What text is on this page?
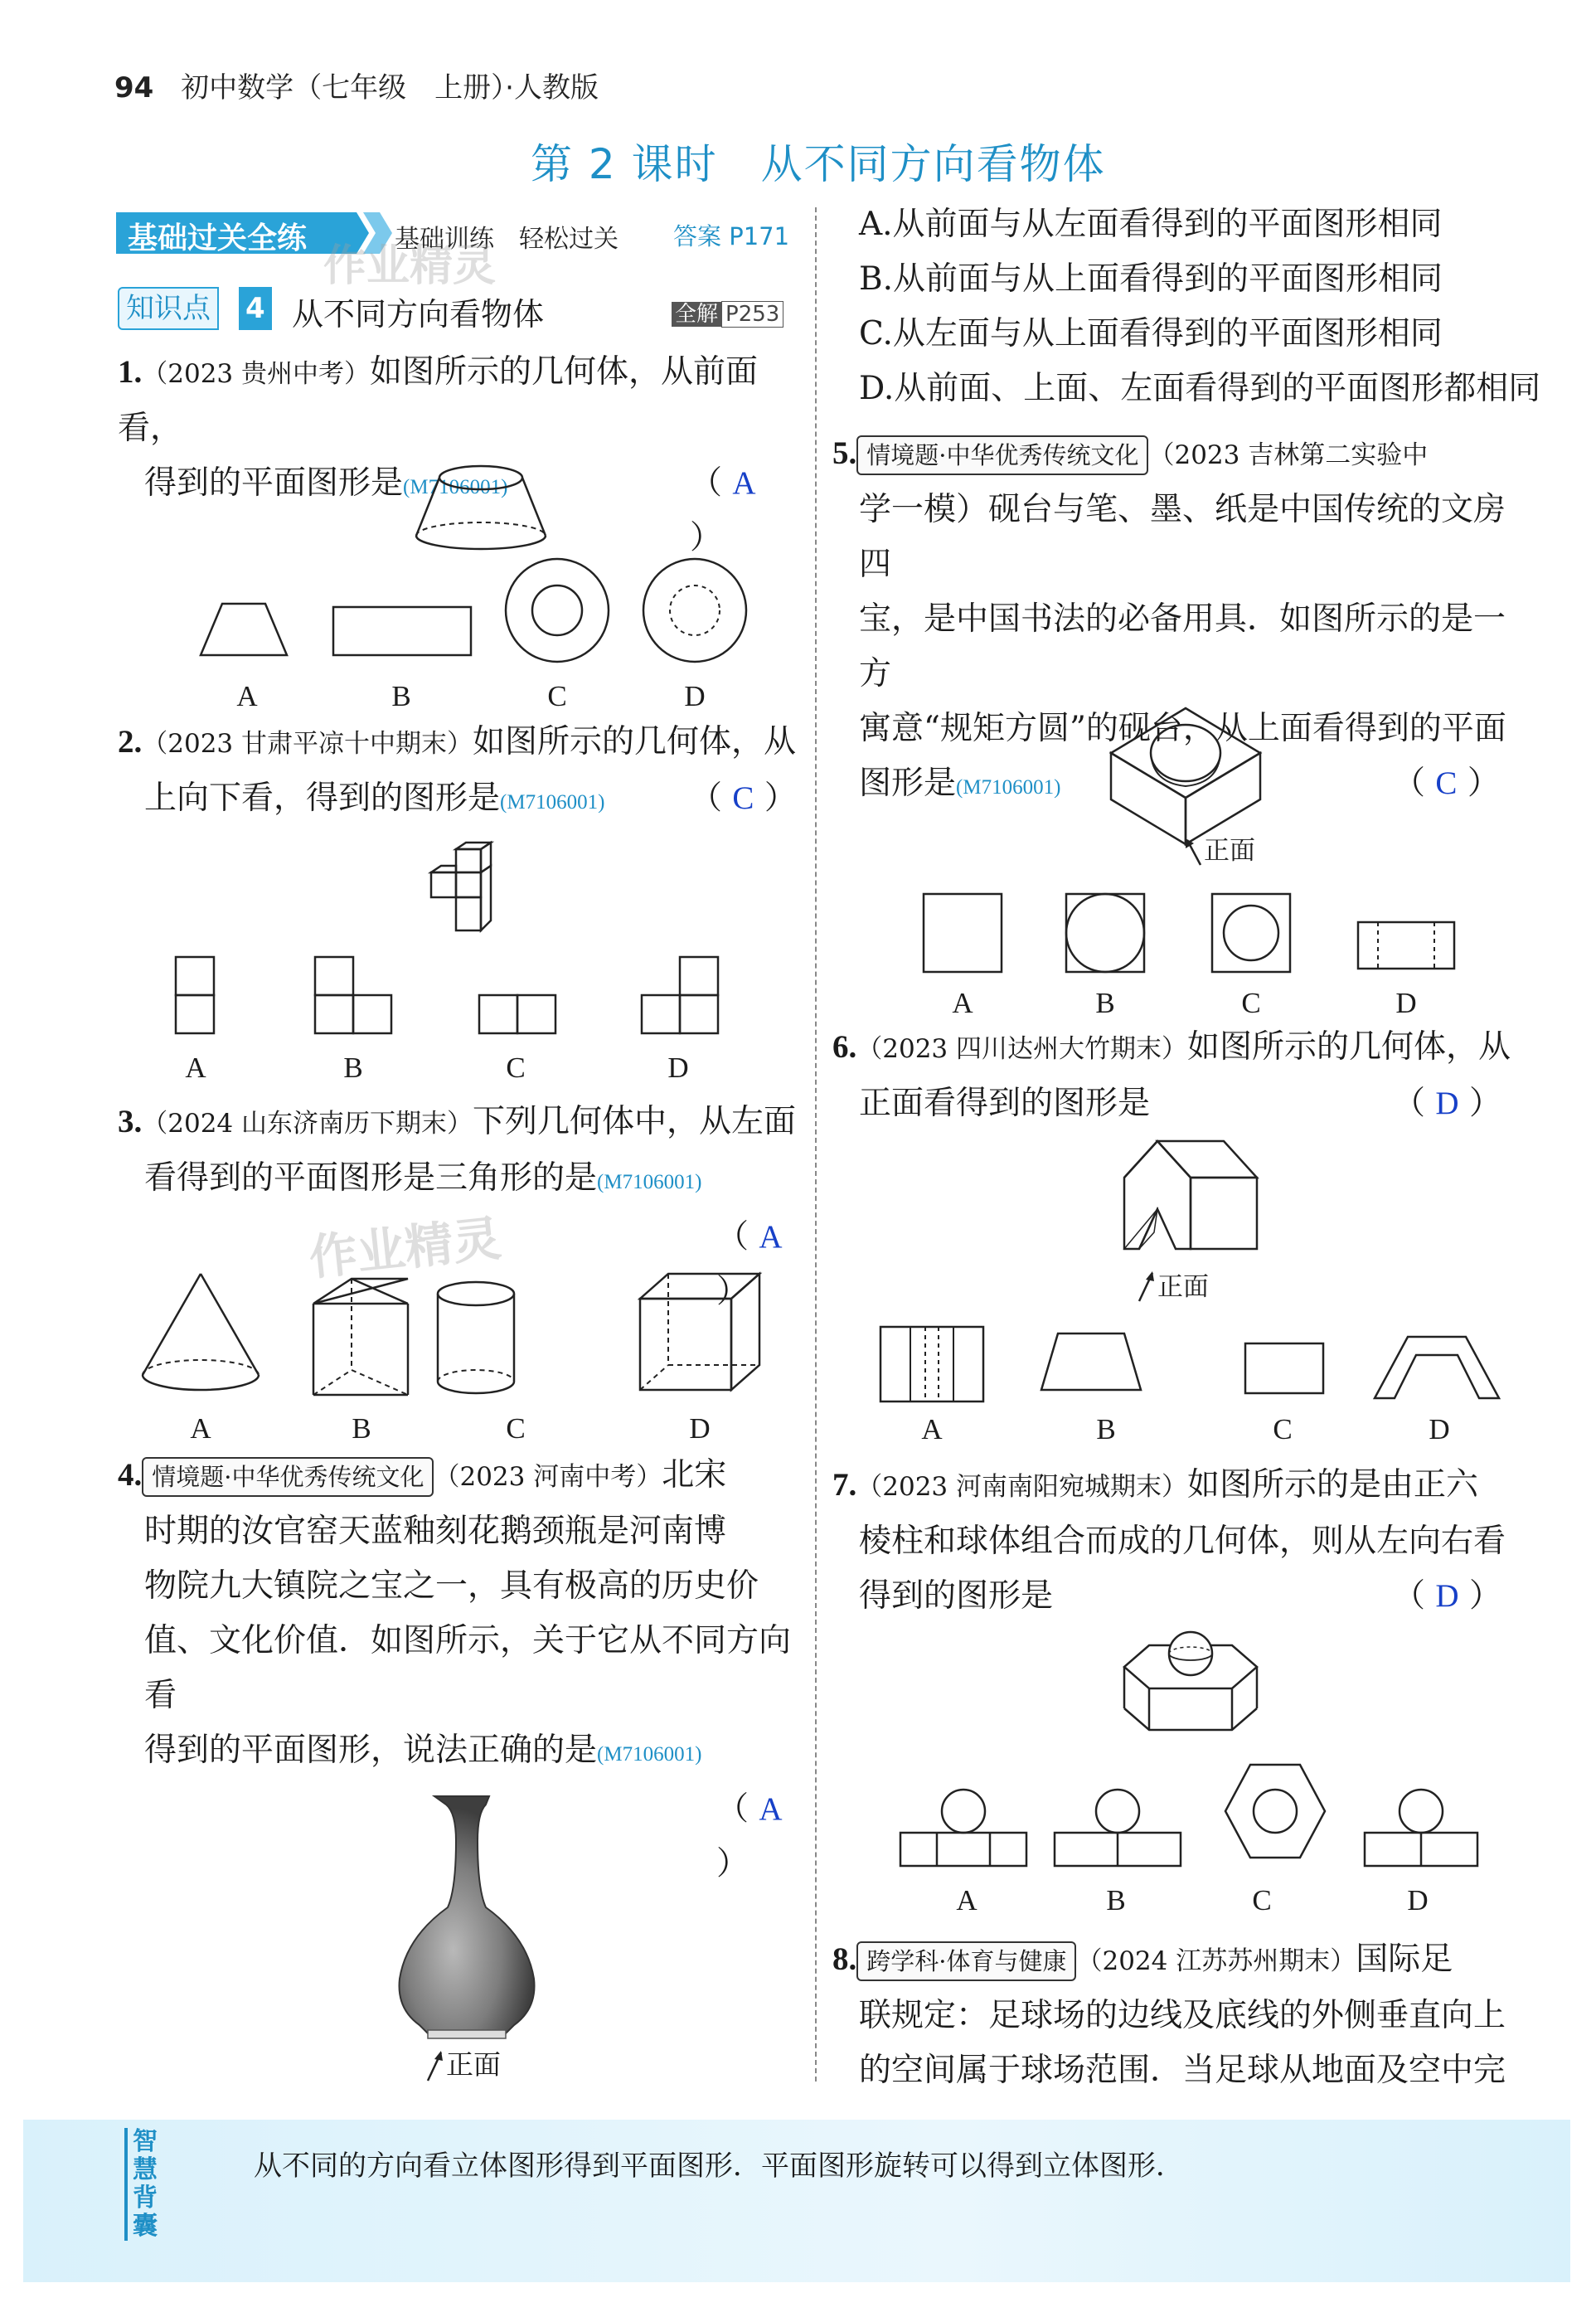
94 初中数学（七年级　上册）·人教版
第 2 课时　从不同方向看物体
基础过关全练	基础训练　轻松过关 答案 P171
作业精灵
作业精灵
知识点 4 从不同方向看物体	全解 P253
1.（2023 贵州中考）如图所示的几何体，从前面看，
得到的平面图形是(M7106001)	（ A ）
A	B	C	D
2.（2023 甘肃平凉十中期末）如图所示的几何体，从
上向下看，得到的图形是(M7106001)	（ C ）
A	B	C	D
3.（2024 山东济南历下期末）下列几何体中，从左面
看得到的平面图形是三角形的是(M7106001)
（ A ）
A	B	C	D
4. 情境题·中华优秀传统文化 （2023 河南中考）北宋
时期的汝官窑天蓝釉刻花鹅颈瓶是河南博
物院九大镇院之宝之一，具有极高的历史价
值、文化价值．如图所示，关于它从不同方向看
得到的平面图形，说法正确的是(M7106001)
（ A ）
正面
A.从前面与从左面看得到的平面图形相同
B.从前面与从上面看得到的平面图形相同
C.从左面与从上面看得到的平面图形相同
D.从前面、上面、左面看得到的平面图形都相同
5. 情境题·中华优秀传统文化 （2023 吉林第二实验中
学一模）砚台与笔、墨、纸是中国传统的文房四
宝，是中国书法的必备用具．如图所示的是一方
寓意“规矩方圆”的砚台，从上面看得到的平面
图形是(M7106001)	（ C ）
正面
A	B	C	D
6.（2023 四川达州大竹期末）如图所示的几何体，从
正面看得到的图形是	（ D ）
正面
A	B	C	D
7.（2023 河南南阳宛城期末）如图所示的是由正六
棱柱和球体组合而成的几何体，则从左向右看
得到的图形是	（ D ）
A	B	C	D
8. 跨学科·体育与健康 （2024 江苏苏州期末）国际足
联规定：足球场的边线及底线的外侧垂直向上
的空间属于球场范围．当足球从地面及空中完
智慧背囊
从不同的方向看立体图形得到平面图形．平面图形旋转可以得到立体图形．
